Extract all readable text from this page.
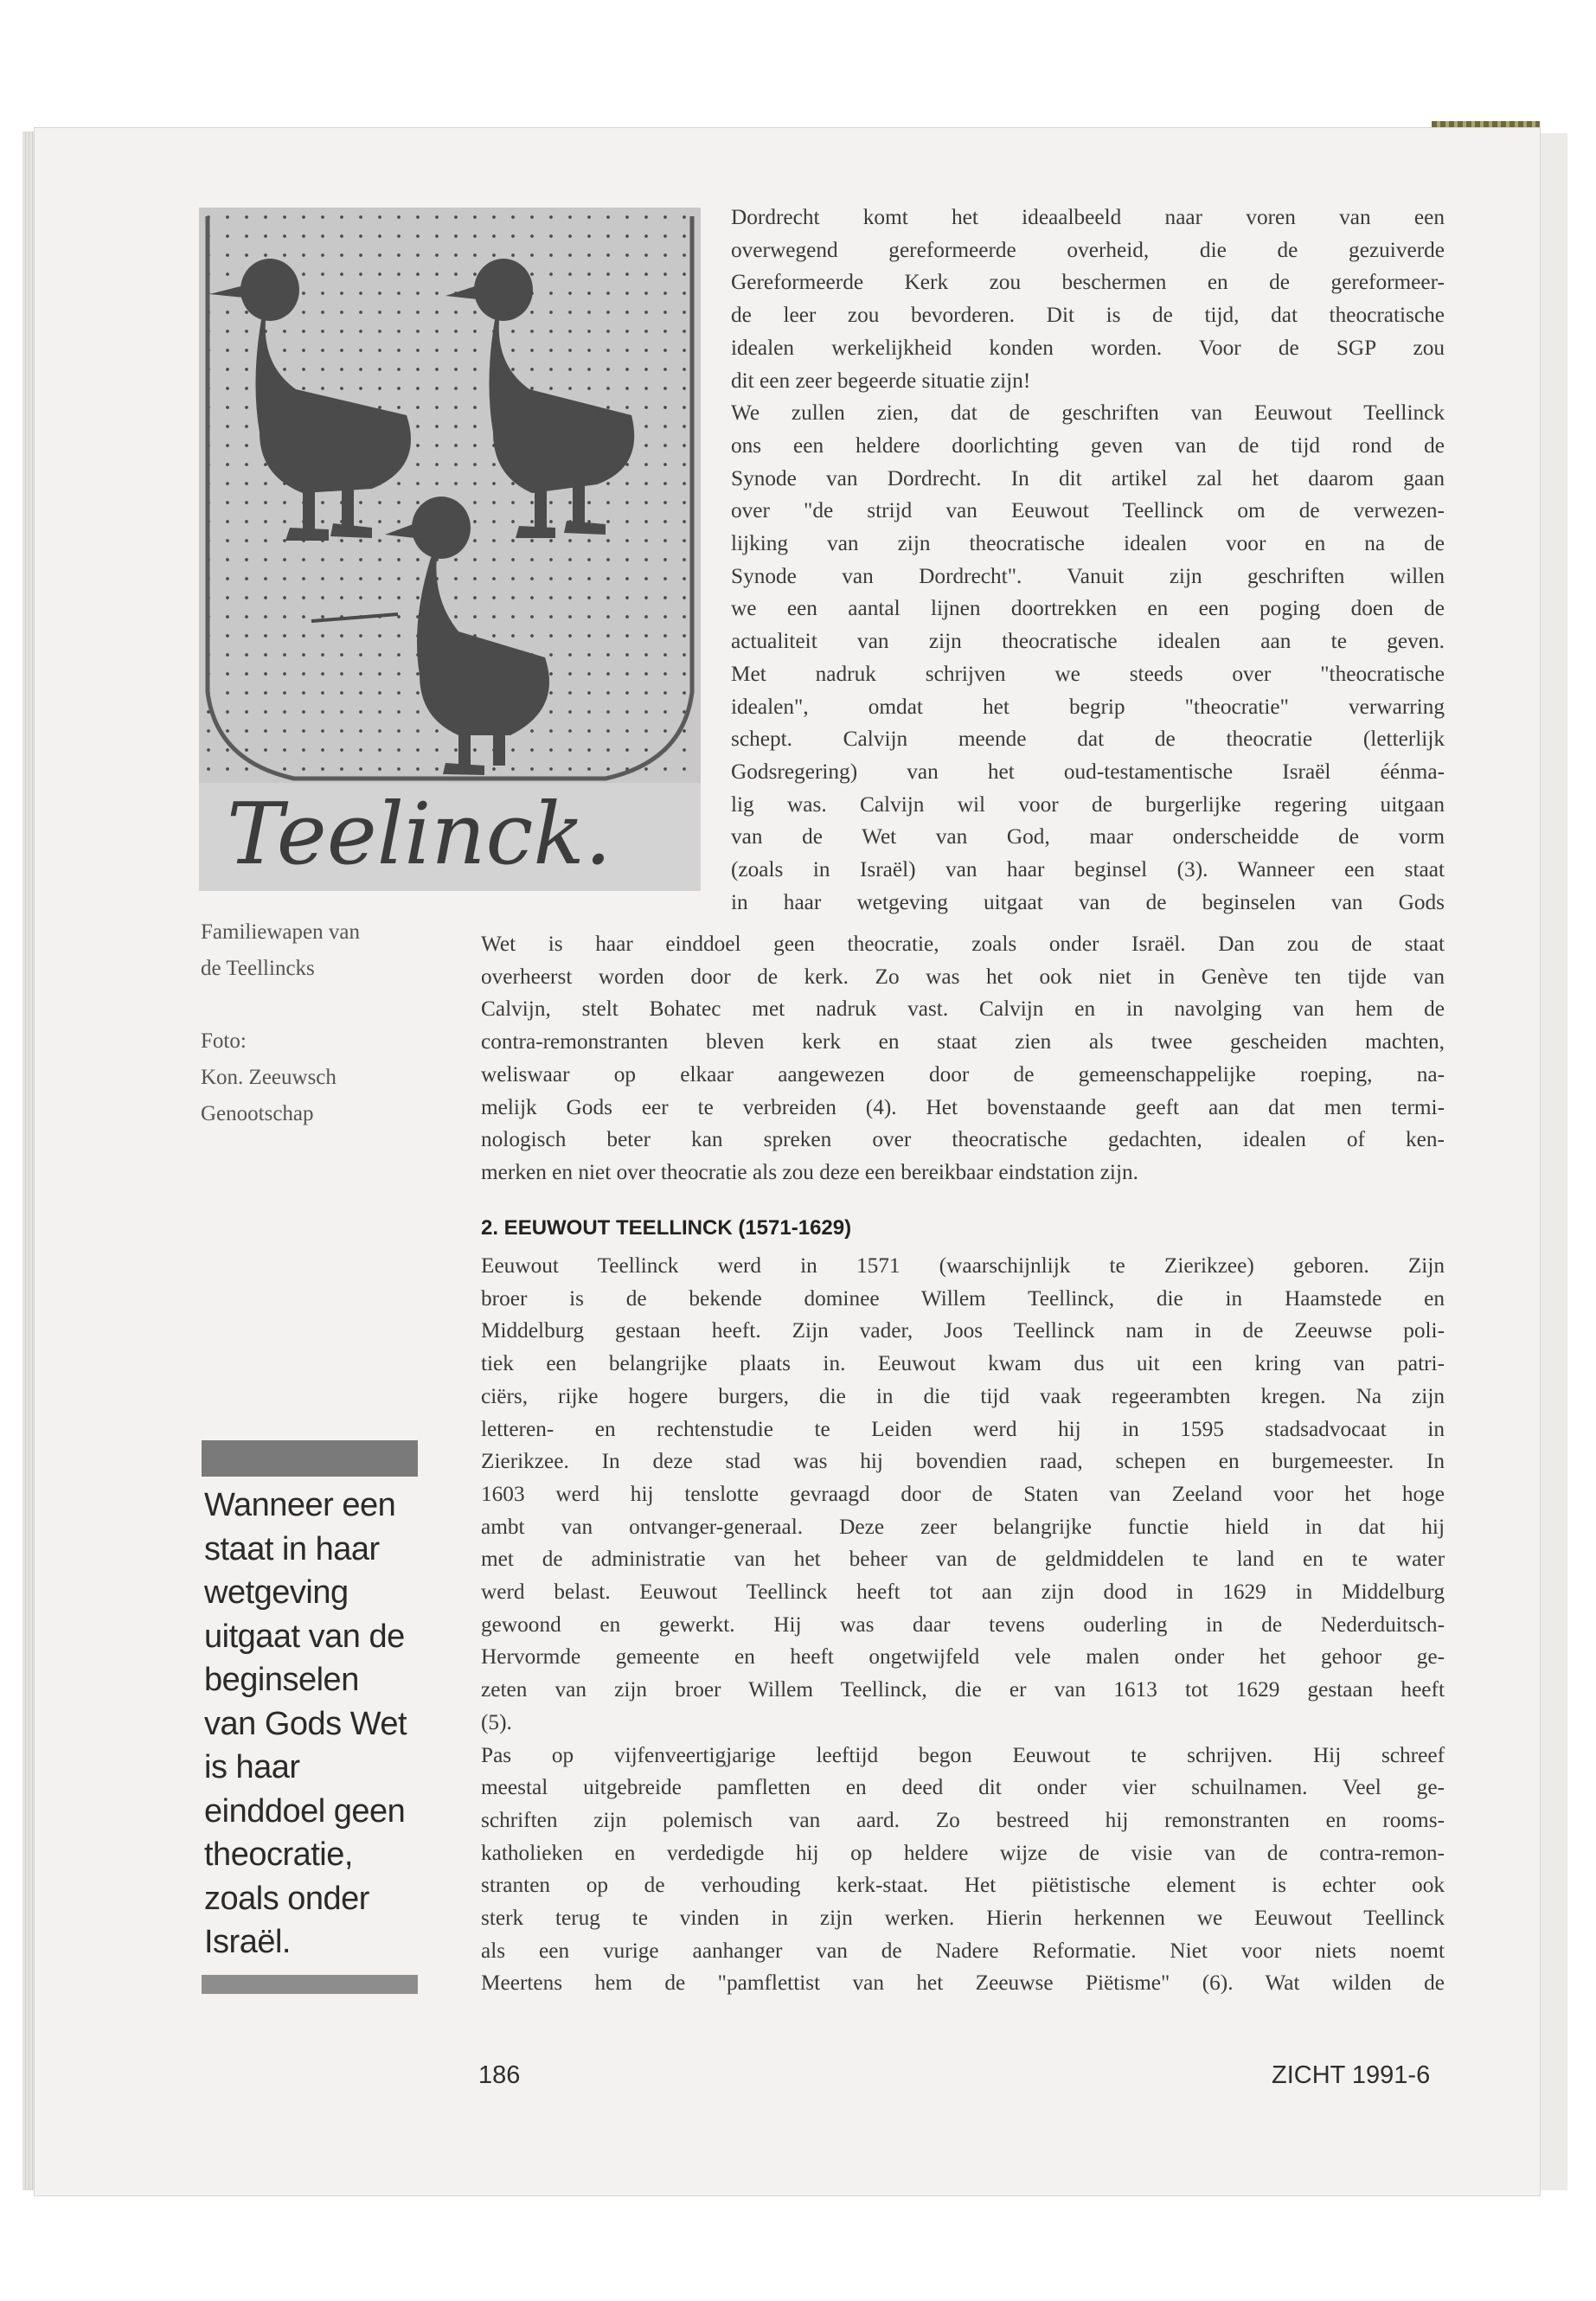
Teelinck.
Familiewapen van
de Teellincks
Foto:
Kon. Zeeuwsch
Genootschap
Wanneer een
staat in haar
wetgeving
uitgaat van de
beginselen
van Gods Wet
is haar
einddoel geen
theocratie,
zoals onder
Israël.
Dordrecht komt het ideaalbeeld naar voren van een
overwegend gereformeerde overheid, die de gezuiverde
Gereformeerde Kerk zou beschermen en de gereformeer-
de leer zou bevorderen. Dit is de tijd, dat theocratische
idealen werkelijkheid konden worden. Voor de SGP zou
dit een zeer begeerde situatie zijn!
We zullen zien, dat de geschriften van Eeuwout Teellinck
ons een heldere doorlichting geven van de tijd rond de
Synode van Dordrecht. In dit artikel zal het daarom gaan
over "de strijd van Eeuwout Teellinck om de verwezen-
lijking van zijn theocratische idealen voor en na de
Synode van Dordrecht". Vanuit zijn geschriften willen
we een aantal lijnen doortrekken en een poging doen de
actualiteit van zijn theocratische idealen aan te geven.
Met nadruk schrijven we steeds over "theocratische
idealen", omdat het begrip "theocratie" verwarring
schept. Calvijn meende dat de theocratie (letterlijk
Godsregering) van het oud-testamentische Israël éénma-
lig was. Calvijn wil voor de burgerlijke regering uitgaan
van de Wet van God, maar onderscheidde de vorm
(zoals in Israël) van haar beginsel (3). Wanneer een staat
in haar wetgeving uitgaat van de beginselen van Gods
Wet is haar einddoel geen theocratie, zoals onder Israël. Dan zou de staat
overheerst worden door de kerk. Zo was het ook niet in Genève ten tijde van
Calvijn, stelt Bohatec met nadruk vast. Calvijn en in navolging van hem de
contra-remonstranten bleven kerk en staat zien als twee gescheiden machten,
weliswaar op elkaar aangewezen door de gemeenschappelijke roeping, na-
melijk Gods eer te verbreiden (4). Het bovenstaande geeft aan dat men termi-
nologisch beter kan spreken over theocratische gedachten, idealen of ken-
merken en niet over theocratie als zou deze een bereikbaar eindstation zijn.
2. EEUWOUT TEELLINCK (1571-1629)
Eeuwout Teellinck werd in 1571 (waarschijnlijk te Zierikzee) geboren. Zijn
broer is de bekende dominee Willem Teellinck, die in Haamstede en
Middelburg gestaan heeft. Zijn vader, Joos Teellinck nam in de Zeeuwse poli-
tiek een belangrijke plaats in. Eeuwout kwam dus uit een kring van patri-
ciërs, rijke hogere burgers, die in die tijd vaak regeerambten kregen. Na zijn
letteren- en rechtenstudie te Leiden werd hij in 1595 stadsadvocaat in
Zierikzee. In deze stad was hij bovendien raad, schepen en burgemeester. In
1603 werd hij tenslotte gevraagd door de Staten van Zeeland voor het hoge
ambt van ontvanger-generaal. Deze zeer belangrijke functie hield in dat hij
met de administratie van het beheer van de geldmiddelen te land en te water
werd belast. Eeuwout Teellinck heeft tot aan zijn dood in 1629 in Middelburg
gewoond en gewerkt. Hij was daar tevens ouderling in de Nederduitsch-
Hervormde gemeente en heeft ongetwijfeld vele malen onder het gehoor ge-
zeten van zijn broer Willem Teellinck, die er van 1613 tot 1629 gestaan heeft
(5).
Pas op vijfenveertigjarige leeftijd begon Eeuwout te schrijven. Hij schreef
meestal uitgebreide pamfletten en deed dit onder vier schuilnamen. Veel ge-
schriften zijn polemisch van aard. Zo bestreed hij remonstranten en rooms-
katholieken en verdedigde hij op heldere wijze de visie van de contra-remon-
stranten op de verhouding kerk-staat. Het piëtistische element is echter ook
sterk terug te vinden in zijn werken. Hierin herkennen we Eeuwout Teellinck
als een vurige aanhanger van de Nadere Reformatie. Niet voor niets noemt
Meertens hem de "pamflettist van het Zeeuwse Piëtisme" (6). Wat wilden de
186	ZICHT 1991-6
